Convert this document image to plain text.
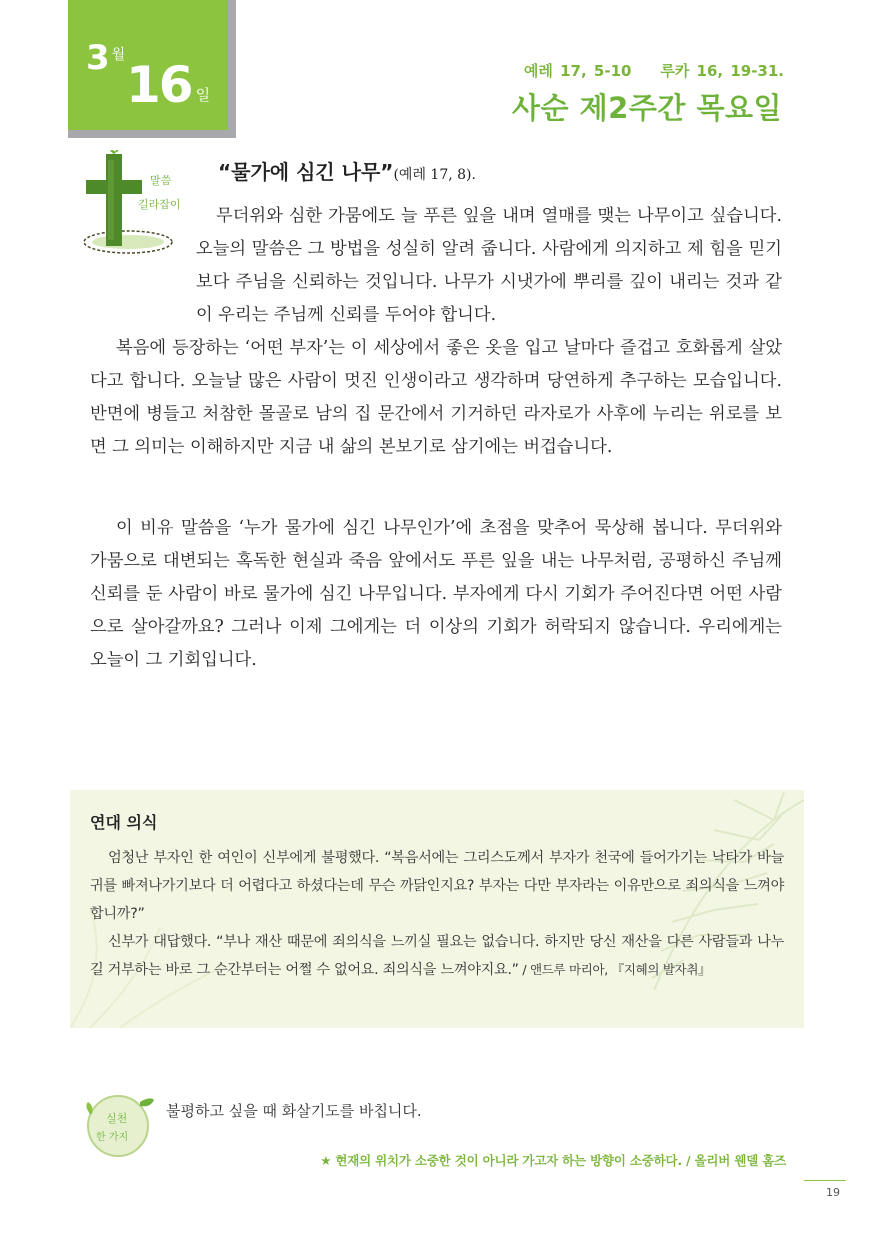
3 $^월$
16 일
예레 17, 5-10    루카 16, 19-31.
사순 제2주간 목요일
말씀
길라잡이
“물가에 심긴 나무”(예레 17, 8).

무더위와 심한 가뭄에도 늘 푸른 잎을 내며 열매를 맺는 나무이고 싶습니다. 오늘의 말씀은 그 방법을 성실히 알려 줍니다. 사람에게 의지하고 제 힘을 믿기보다 주님을 신뢰하는 것입니다. 나무가 시냇가에 뿌리를 깊이 내리는 것과 같이 우리는 주님께 신뢰를 두어야 합니다.

복음에 등장하는 ‘어떤 부자’는 이 세상에서 좋은 옷을 입고 날마다 즐겁고 호화롭게 살았다고 합니다. 오늘날 많은 사람이 멋진 인생이라고 생각하며 당연하게 추구하는 모습입니다. 반면에 병들고 처참한 몰골로 남의 집 문간에서 기거하던 라자로가 사후에 누리는 위로를 보면 그 의미는 이해하지만 지금 내 삶의 본보기로 삼기에는 버겁습니다.

이 비유 말씀을 ‘누가 물가에 심긴 나무인가’에 초점을 맞추어 묵상해 봅니다. 무더위와 가뭄으로 대변되는 혹독한 현실과 죽음 앞에서도 푸른 잎을 내는 나무처럼, 공평하신 주님께 신뢰를 둔 사람이 바로 물가에 심긴 나무입니다. 부자에게 다시 기회가 주어진다면 어떤 사람으로 살아갈까요? 그러나 이제 그에게는 더 이상의 기회가 허락되지 않습니다. 우리에게는 오늘이 그 기회입니다.

연대 의식

엄청난 부자인 한 여인이 신부에게 불평했다. “복음서에는 그리스도께서 부자가 천국에 들어가기는 낙타가 바늘귀를 빠져나가기보다 더 어렵다고 하셨다는데 무슨 까닭인지요? 부자는 다만 부자라는 이유만으로 죄의식을 느껴야 합니까?”

신부가 대답했다. “부나 재산 때문에 죄의식을 느끼실 필요는 없습니다. 하지만 당신 재산을 다른 사람들과 나누길 거부하는 바로 그 순간부터는 어쩔 수 없어요. 죄의식을 느껴야지요.” / 앤드루 마리아, 『지혜의 발자취』

실천
한 가지
불평하고 싶을 때 화살기도를 바칩니다.
★ 현재의 위치가 소중한 것이 아니라 가고자 하는 방향이 소중하다. / 올리버 웬델 홈즈
19
